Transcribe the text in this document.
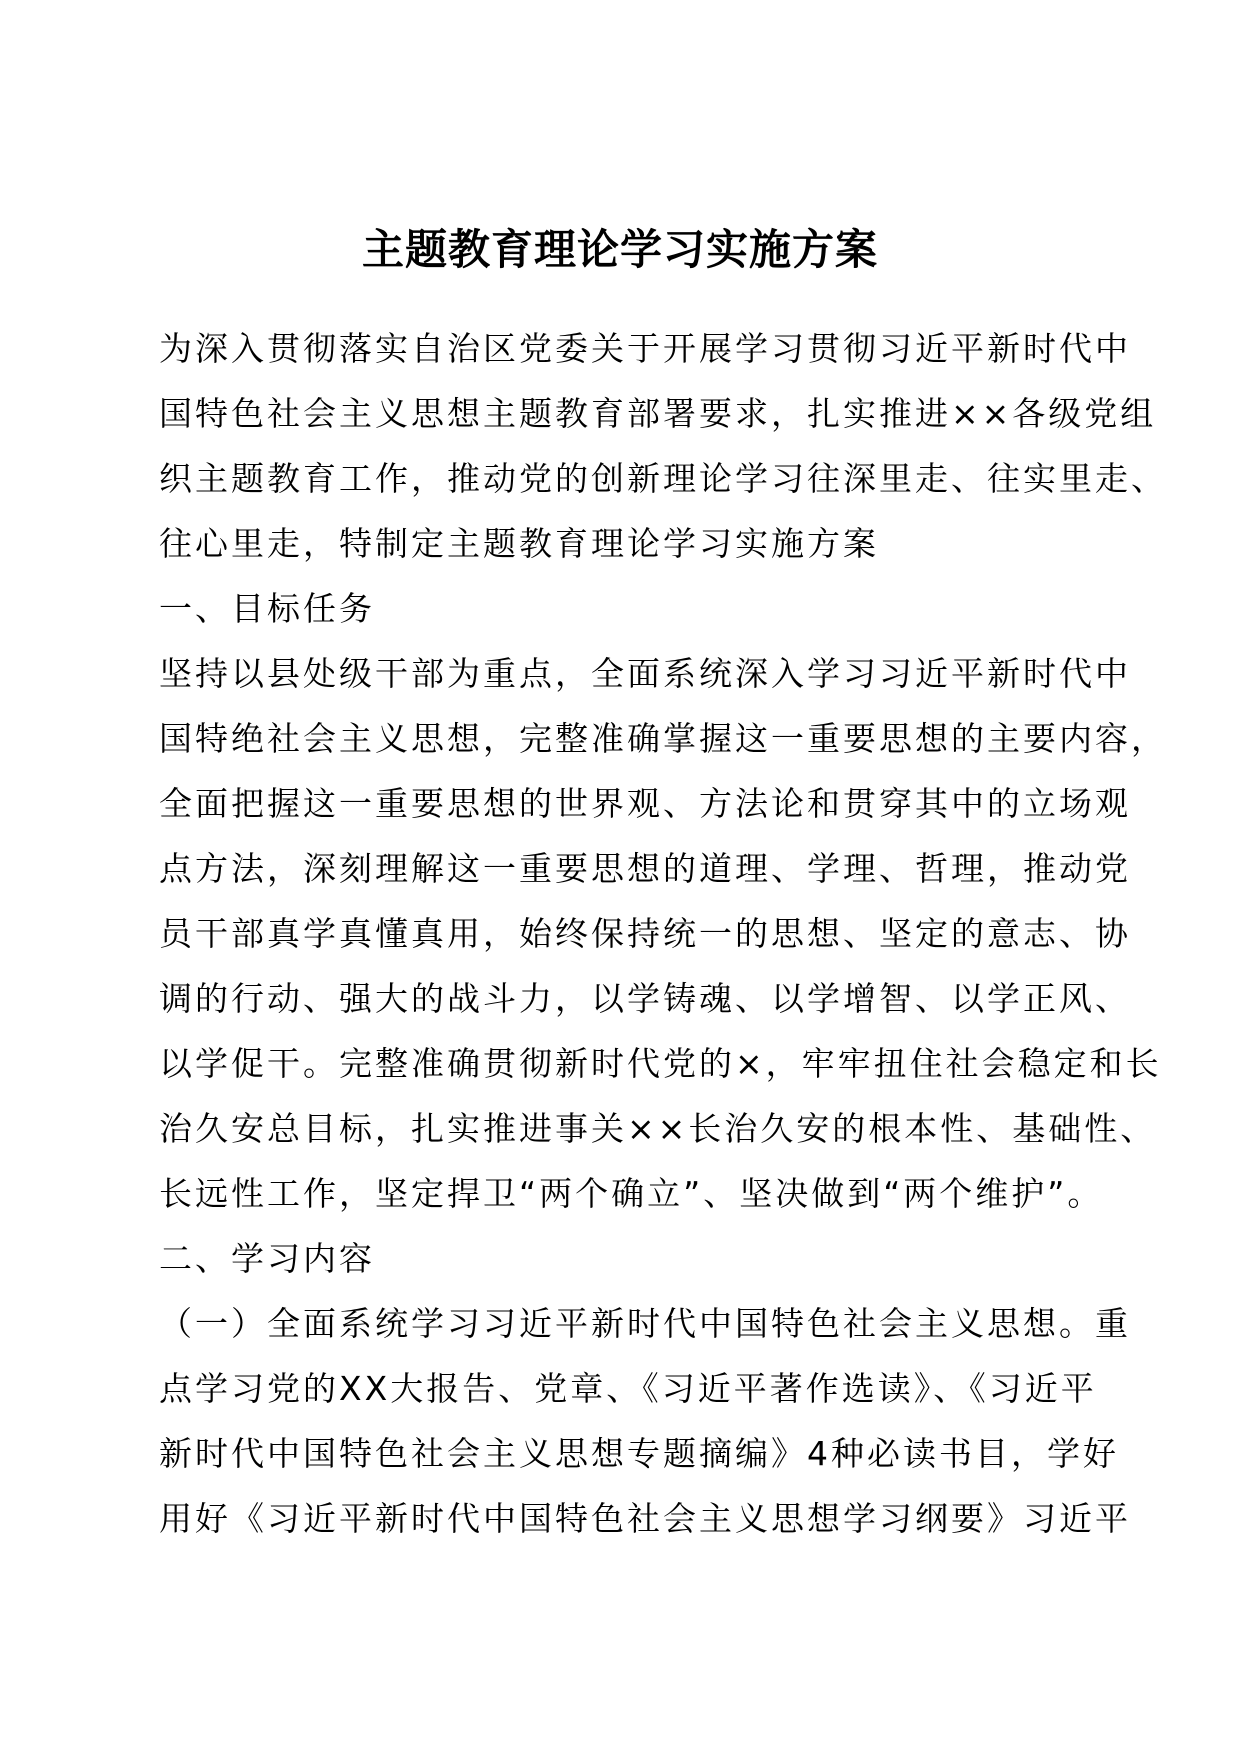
主题教育理论学习实施方案
为深入贯彻落实自治区党委关于开展学习贯彻习近平新时代中
国特色社会主义思想主题教育部署要求，扎实推进××各级党组
织主题教育工作，推动党的创新理论学习往深里走、往实里走、
往心里走，特制定主题教育理论学习实施方案
一、目标任务
坚持以县处级干部为重点，全面系统深入学习习近平新时代中
国特绝社会主义思想，完整准确掌握这一重要思想的主要内容，
全面把握这一重要思想的世界观、方法论和贯穿其中的立场观
点方法，深刻理解这一重要思想的道理、学理、哲理，推动党
员干部真学真懂真用，始终保持统一的思想、坚定的意志、协
调的行动、强大的战斗力，以学铸魂、以学增智、以学正风、
以学促干。完整准确贯彻新时代党的×，牢牢扭住社会稳定和长
治久安总目标，扎实推进事关××长治久安的根本性、基础性、
长远性工作，坚定捍卫“两个确立”、坚决做到“两个维护”。
二、学习内容
（一）全面系统学习习近平新时代中国特色社会主义思想。重
点学习党的XX大报告、党章、《习近平著作选读》、《习近平
新时代中国特色社会主义思想专题摘编》4种必读书目，学好
用好《习近平新时代中国特色社会主义思想学习纲要》习近平
